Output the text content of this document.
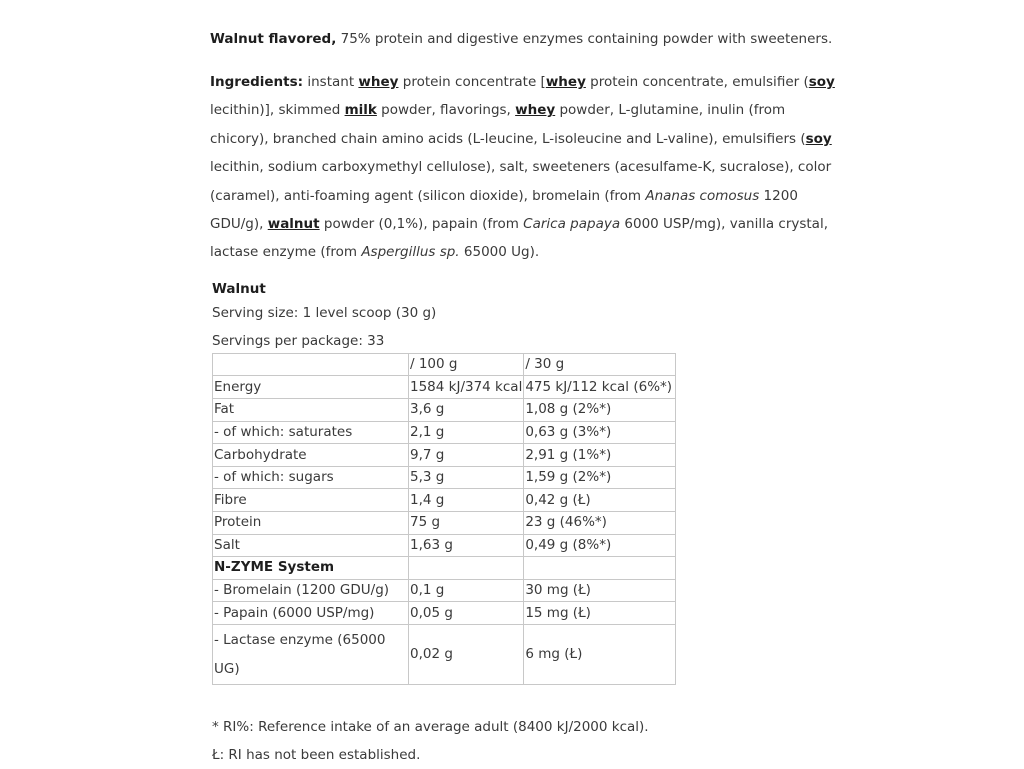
Walnut flavored, 75% protein and digestive enzymes containing powder with sweeteners.

Ingredients: instant whey protein concentrate [whey protein concentrate, emulsifier (soy lecithin)], skimmed milk powder, flavorings, whey powder, L-glutamine, inulin (from chicory), branched chain amino acids (L-leucine, L-isoleucine and L-valine), emulsifiers (soy lecithin, sodium carboxymethyl cellulose), salt, sweeteners (acesulfame-K, sucralose), color (caramel), anti-foaming agent (silicon dioxide), bromelain (from Ananas comosus 1200 GDU/g), walnut powder (0,1%), papain (from Carica papaya 6000 USP/mg), vanilla crystal, lactase enzyme (from Aspergillus sp. 65000 Ug).

Walnut
Serving size: 1 level scoop (30 g)
Servings per package: 33
	/ 100 g	/ 30 g
Energy	1584 kJ/374 kcal	475 kJ/112 kcal (6%*)
Fat	3,6 g	1,08 g (2%*)
- of which: saturates	2,1 g	0,63 g (3%*)
Carbohydrate	9,7 g	2,91 g (1%*)
- of which: sugars	5,3 g	1,59 g (2%*)
Fibre	1,4 g	0,42 g (Ł)
Protein	75 g	23 g (46%*)
Salt	1,63 g	0,49 g (8%*)
N-ZYME System		
- Bromelain (1200 GDU/g)	0,1 g	30 mg (Ł)
- Papain (6000 USP/mg)	0,05 g	15 mg (Ł)
- Lactase enzyme (65000 UG)	0,02 g	6 mg (Ł)
* RI%: Reference intake of an average adult (8400 kJ/2000 kcal).
Ł: RI has not been established.
